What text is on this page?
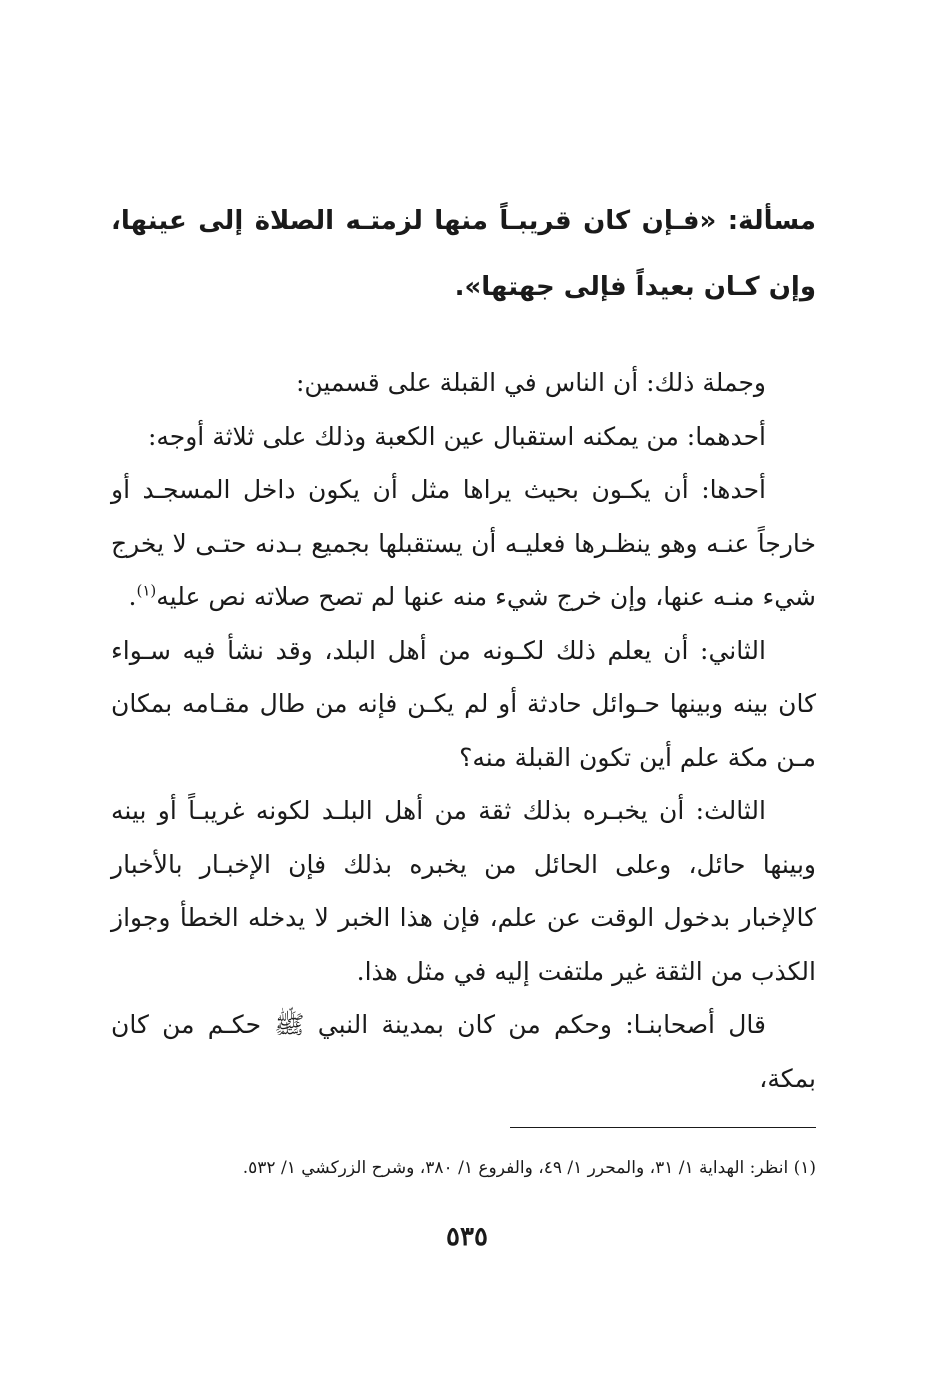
مسألة: «فـإن كان قريبـاً منها لزمتـه الصلاة إلى عينها، وإن كـان بعيداً فإلى جهتها».

وجملة ذلك: أن الناس في القبلة على قسمين:

أحدهما: من يمكنه استقبال عين الكعبة وذلك على ثلاثة أوجه:

أحدها: أن يكـون بحيث يراها مثل أن يكون داخل المسجـد أو خارجاً عنـه وهو ينظـرها فعليـه أن يستقبلها بجميع بـدنه حتـى لا يخرج شيء منـه عنها، وإن خرج شيء منه عنها لم تصح صلاته نص عليه$^{(١)}$.

الثاني: أن يعلم ذلك لكـونه من أهل البلد، وقد نشأ فيه سـواء كان بينه وبينها حـوائل حادثة أو لم يكـن فإنه من طال مقـامه بمكان مـن مكة علم أين تكون القبلة منه؟

الثالث: أن يخبـره بذلك ثقة من أهل البلـد لكونه غريبـاً أو بينه وبينها حائل، وعلى الحائل من يخبره بذلك فإن الإخبـار بالأخبار كالإخبار بدخول الوقت عن علم، فإن هذا الخبر لا يدخله الخطأ وجواز الكذب من الثقة غير ملتفت إليه في مثل هذا.

قال أصحابنـا: وحكم من كان بمدينة النبي ﷺ حكـم من كان بمكة،

(١) انظر: الهداية ١/ ٣١، والمحرر ١/ ٤٩، والفروع ١/ ٣٨٠، وشرح الزركشي ١/ ٥٣٢.

٥٣٥
